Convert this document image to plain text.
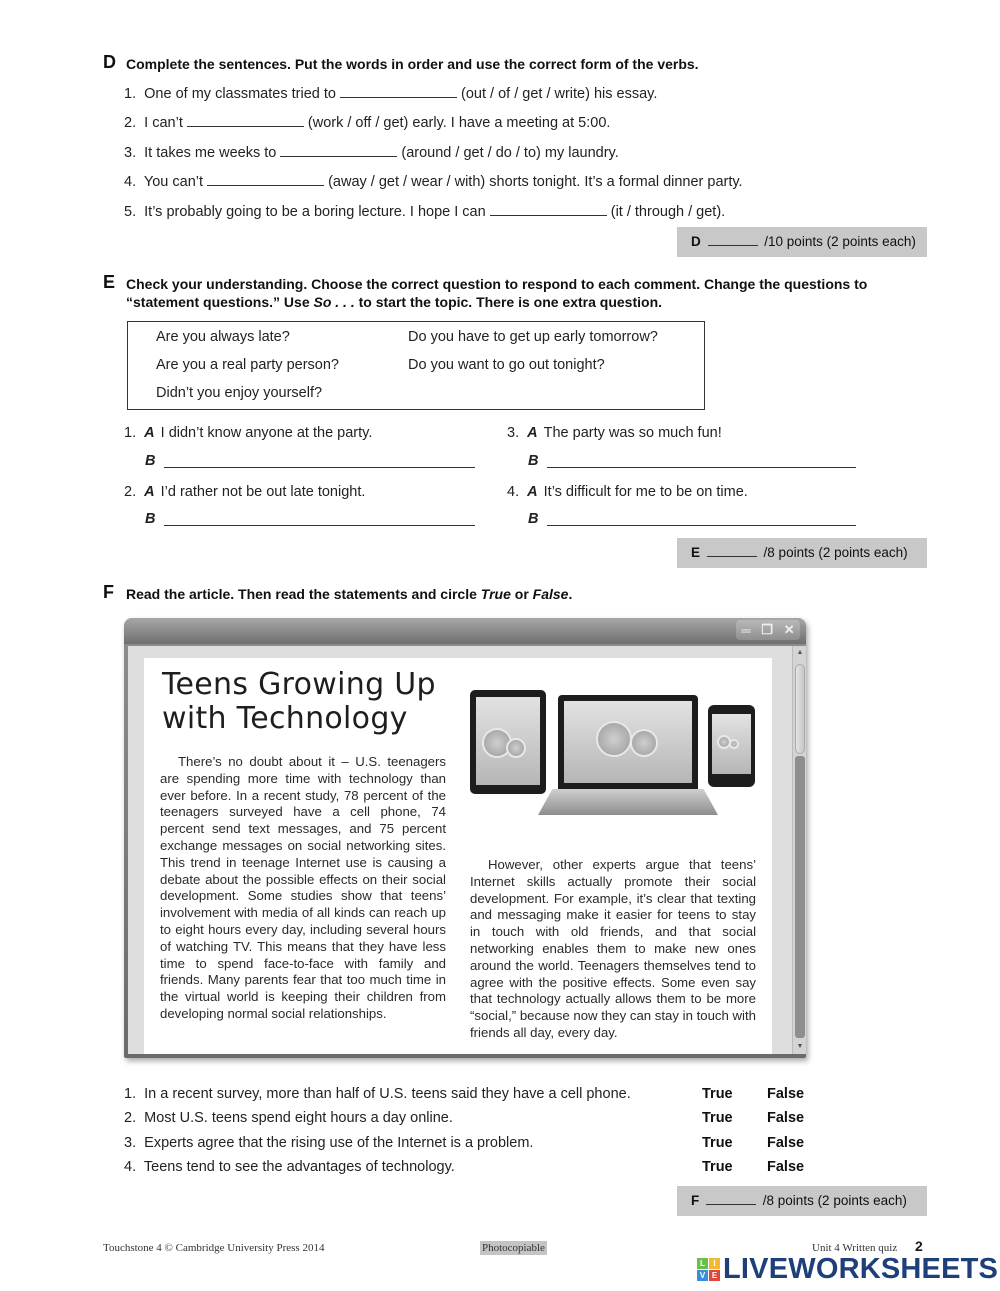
D Complete the sentences. Put the words in order and use the correct form of the verbs.
1. One of my classmates tried to	(out / of / get / write) his essay.
2. I can’t	(work / off / get) early. I have a meeting at 5:00.
3. It takes me weeks to	(around / get / do / to) my laundry.
4. You can’t	(away / get / wear / with) shorts tonight. It’s a formal dinner party.
5. It’s probably going to be a boring lecture. I hope I can	(it / through / get).
D	/10 points (2 points each)
E Check your understanding. Choose the correct question to respond to each comment. Change the questions to
“statement questions.” Use So . . . to start the topic. There is one extra question.
Are you always late?	Do you have to get up early tomorrow?
Are you a real party person?	Do you want to go out tonight?
Didn’t you enjoy yourself?
1. A I didn’t know anyone at the party.
B
2. A I’d rather not be out late tonight.
B
3. A The party was so much fun!
B
4. A It’s difficult for me to be on time.
B
E	/8 points (2 points each)
F Read the article. Then read the statements and circle True or False.
═ ❐ ✕
Teens Growing Up
with Technology
There’s no doubt about it – U.S. teenagers are spending more time with technology than ever before. In a recent study, 78 percent of the teenagers surveyed have a cell phone, 74 percent send text messages, and 75 percent exchange messages on social networking sites. This trend in teenage Internet use is causing a debate about the possible effects on their social development. Some studies show that teens’ involvement with media of all kinds can reach up to eight hours every day, including several hours of watching TV. This means that they have less time to spend face-to-face with family and friends. Many parents fear that too much time in the virtual world is keeping their children from developing normal social relationships.
However, other experts argue that teens’ Internet skills actually promote their social development. For example, it’s clear that texting and messaging make it easier for teens to stay in touch with old friends, and that social networking enables them to make new ones around the world. Teenagers themselves tend to agree with the positive effects. Some even say that technology actually allows them to be more “social,” because now they can stay in touch with friends all day, every day.
▲
▼
1. In a recent survey, more than half of U.S. teens said they have a cell phone.	True False
2. Most U.S. teens spend eight hours a day online.	True False
3. Experts agree that the rising use of the Internet is a problem.	True False
4. Teens tend to see the advantages of technology.	True False
F	/8 points (2 points each)
Touchstone 4 © Cambridge University Press 2014	Photocopiable	Unit 4 Written quiz 2
L	I
V E LIVEWORKSHEETS
